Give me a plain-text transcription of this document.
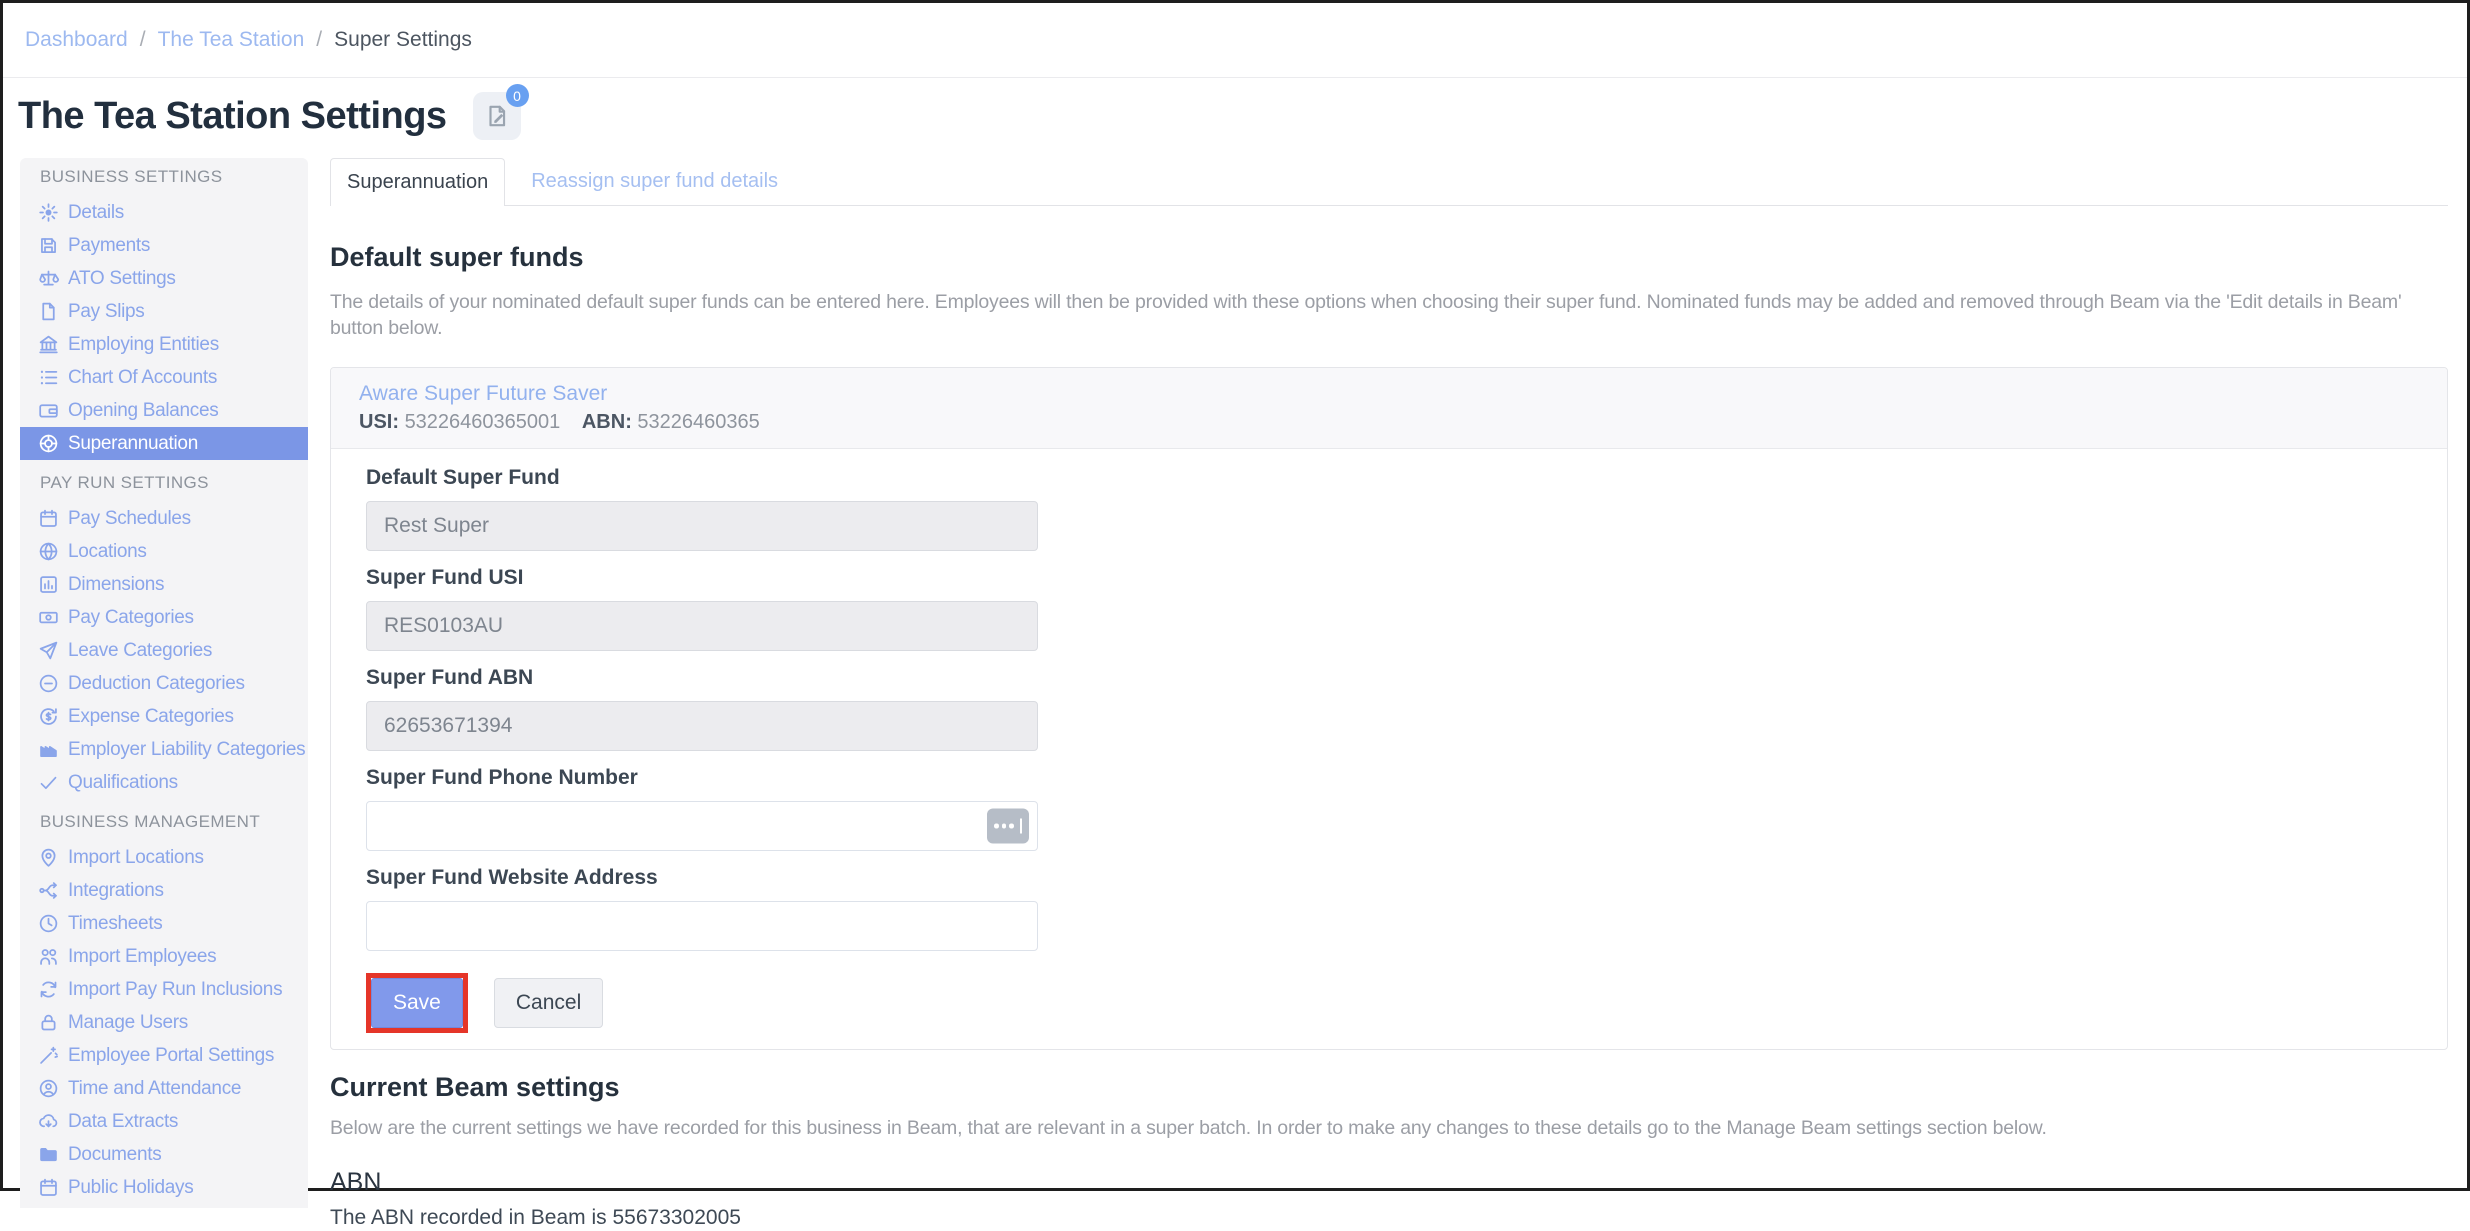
Dashboard / The Tea Station / Super Settings
The Tea Station Settings	0
BUSINESS SETTINGS
Details
Payments
ATO Settings
Pay Slips
Employing Entities
Chart Of Accounts
Opening Balances
Superannuation
PAY RUN SETTINGS
Pay Schedules
Locations
Dimensions
Pay Categories
Leave Categories
Deduction Categories
Expense Categories
Employer Liability Categories
Qualifications
BUSINESS MANAGEMENT
Import Locations
Integrations
Timesheets
Import Employees
Import Pay Run Inclusions
Manage Users
Employee Portal Settings
Time and Attendance
Data Extracts
Documents
Public Holidays
Superannuation	Reassign super fund details
Default super funds
The details of your nominated default super funds can be entered here. Employees will then be provided with these options when choosing their super fund. Nominated funds may be added and removed through Beam via the 'Edit details in Beam' button below.
Aware Super Future Saver
USI: 53226460365001 ABN: 53226460365
Default Super Fund
Rest Super
Super Fund USI
RES0103AU
Super Fund ABN
62653671394
Super Fund Phone Number
Super Fund Website Address
Save	Cancel
Current Beam settings
Below are the current settings we have recorded for this business in Beam, that are relevant in a super batch. In order to make any changes to these details go to the Manage Beam settings section below.
ABN
The ABN recorded in Beam is 55673302005
